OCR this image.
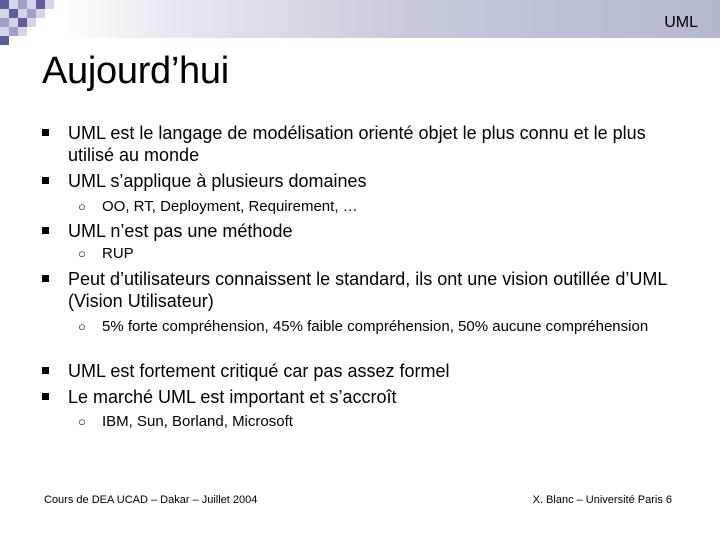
UML
Aujourd’hui
UML est le langage de modélisation orienté objet le plus connu et le plus utilisé au monde
UML s’applique à plusieurs domaines
○ OO, RT, Deployment, Requirement, …
UML n’est pas une méthode
○ RUP
Peut d’utilisateurs connaissent le standard, ils ont une vision outillée d’UML (Vision Utilisateur)
○ 5% forte compréhension, 45% faible compréhension, 50% aucune compréhension
UML est fortement critiqué car pas assez formel
Le marché UML est important et s’accroît
○ IBM, Sun, Borland, Microsoft
Cours de DEA UCAD – Dakar – Juillet 2004	X. Blanc – Université Paris 6
